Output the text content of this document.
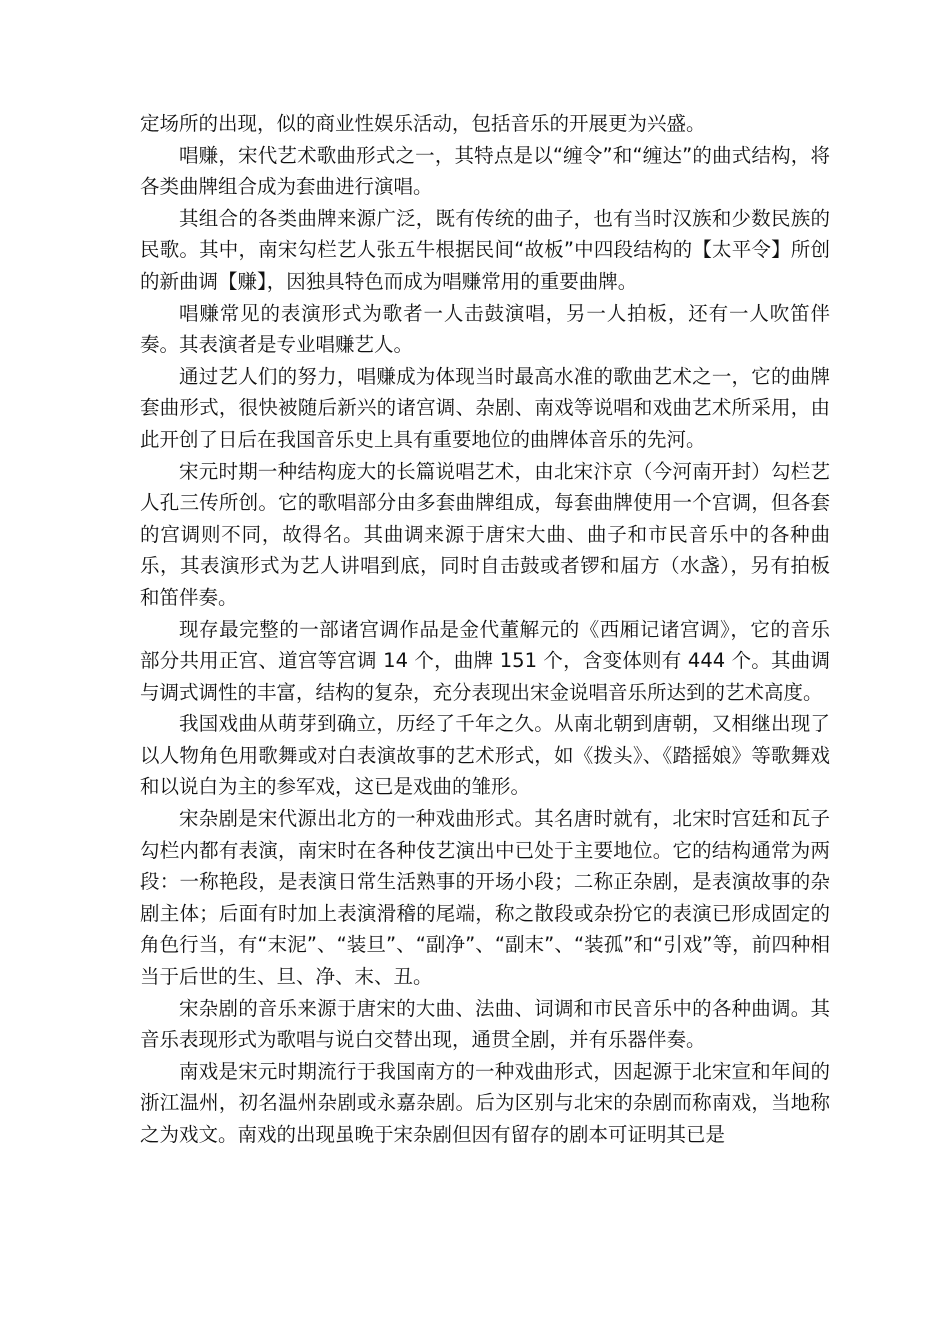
定场所的出现，似的商业性娱乐活动，包括音乐的开展更为兴盛。

唱赚，宋代艺术歌曲形式之一，其特点是以“缠令”和“缠达”的曲式结构，将各类曲牌组合成为套曲进行演唱。

其组合的各类曲牌来源广泛，既有传统的曲子，也有当时汉族和少数民族的民歌。其中，南宋勾栏艺人张五牛根据民间“故板”中四段结构的【太平令】所创的新曲调【赚】，因独具特色而成为唱赚常用的重要曲牌。

唱赚常见的表演形式为歌者一人击鼓演唱，另一人拍板，还有一人吹笛伴奏。其表演者是专业唱赚艺人。

通过艺人们的努力，唱赚成为体现当时最高水准的歌曲艺术之一，它的曲牌套曲形式，很快被随后新兴的诸宫调、杂剧、南戏等说唱和戏曲艺术所采用，由此开创了日后在我国音乐史上具有重要地位的曲牌体音乐的先河。

宋元时期一种结构庞大的长篇说唱艺术，由北宋汴京（今河南开封）勾栏艺人孔三传所创。它的歌唱部分由多套曲牌组成，每套曲牌使用一个宫调，但各套的宫调则不同，故得名。其曲调来源于唐宋大曲、曲子和市民音乐中的各种曲乐，其表演形式为艺人讲唱到底，同时自击鼓或者锣和届方（水盏），另有拍板和笛伴奏。

现存最完整的一部诸宫调作品是金代董解元的《西厢记诸宫调》，它的音乐部分共用正宫、道宫等宫调 14 个，曲牌 151 个，含变体则有 444 个。其曲调与调式调性的丰富，结构的复杂，充分表现出宋金说唱音乐所达到的艺术高度。

我国戏曲从萌芽到确立，历经了千年之久。从南北朝到唐朝，又相继出现了以人物角色用歌舞或对白表演故事的艺术形式，如《拨头》、《踏摇娘》等歌舞戏和以说白为主的参军戏，这已是戏曲的雏形。

宋杂剧是宋代源出北方的一种戏曲形式。其名唐时就有，北宋时宫廷和瓦子勾栏内都有表演，南宋时在各种伎艺演出中已处于主要地位。它的结构通常为两段：一称艳段，是表演日常生活熟事的开场小段；二称正杂剧，是表演故事的杂剧主体；后面有时加上表演滑稽的尾端，称之散段或杂扮它的表演已形成固定的角色行当，有“末泥”、“装旦”、“副净”、“副末”、“装孤”和“引戏”等，前四种相当于后世的生、旦、净、末、丑。

宋杂剧的音乐来源于唐宋的大曲、法曲、词调和市民音乐中的各种曲调。其音乐表现形式为歌唱与说白交替出现，通贯全剧，并有乐器伴奏。

南戏是宋元时期流行于我国南方的一种戏曲形式，因起源于北宋宣和年间的浙江温州，初名温州杂剧或永嘉杂剧。后为区别与北宋的杂剧而称南戏，当地称之为戏文。南戏的出现虽晚于宋杂剧但因有留存的剧本可证明其已是
